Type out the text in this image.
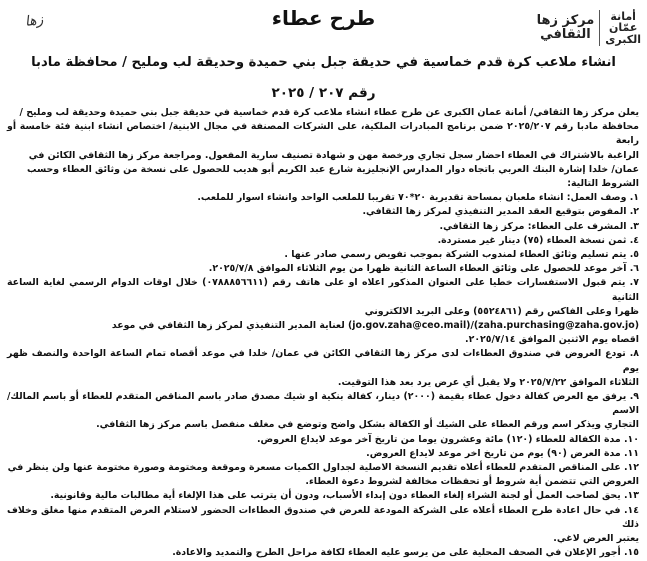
أمانة
عمّان
الكبرى
مركز زها
الثقافي
زها	طرح عطاء
انشاء ملاعب كرة قدم خماسية في حديقة جبل بني حميدة وحديقة لب ومليح / محافظة مادبا
رقم ٢٠٧ / ٢٠٢٥

يعلن مركز زها الثقافي/ أمانة عمان الكبرى عن طرح عطاء انشاء ملاعب كرة قدم خماسية في حديقة جبل بني حميدة وحديقة لب ومليح /

محافظة مادبا رقم ٢٠٢٥/٢٠٧ ضمن برنامج المبادرات الملكية، على الشركات المصنفة في مجال الابنية/ اختصاص انشاء ابنية فئة خامسة أو رابعة

الراغبة بالاشتراك في العطاء احضار سجل تجاري ورخصة مهن و شهادة تصنيف سارية المفعول. ومراجعة مركز زها الثقافي الكائن في

عمان/ خلدا إشارة البنك العربي باتجاه دوار المدارس الإنجليزية شارع عبد الكريم أبو هديب للحصول على نسخة من وثائق العطاء وحسب

الشروط التالية:

١. وصف العمل: انشاء ملعبان بمساحة تقديرية ٢٠*٧٠ تقريبا للملعب الواحد وانشاء اسوار للملعب.

٢. المفوض بتوقيع العقد المدير التنفيذي لمركز زها الثقافي.

٣. المشرف على العطاء: مركز زها الثقافي.

٤. ثمن نسخة العطاء (٧٥) دينار غير مستردة.

٥. يتم تسليم وثائق العطاء لمندوب الشركة بموجب تفويض رسمي صادر عنها .

٦. آخر موعد للحصول على وثائق العطاء الساعة الثانية ظهرا من يوم الثلاثاء الموافق ٢٠٢٥/٧/٨.

٧. يتم قبول الاستفسارات خطيا على العنوان المذكور اعلاه او على هاتف رقم (٠٧٨٨٨٥٦٦١١) خلال اوقات الدوام الرسمي لغاية الساعة الثانية

ظهرا وعلى الفاكس رقم (٥٥٢٤٨٦١) وعلى البريد الالكتروني

(zaha.purchasing@zaha.gov.jo)/(jo.gov.zaha@ceo.mail) لعناية المدير التنفيذي لمركز زها الثقافي في موعد

اقصاه يوم الاثنين الموافق ٢٠٢٥/٧/١٤.

٨. تودع العروض في صندوق العطاءات لدى مركز زها الثقافي الكائن في عمان/ خلدا في موعد أقصاه تمام الساعة الواحدة والنصف ظهر يوم

الثلاثاء الموافق ٢٠٢٥/٧/٢٢ ولا يقبل أي عرض يرد بعد هذا التوقيت.

٩. يرفق مع العرض كفالة دخول عطاء بقيمة (٢٠٠٠) دينار، كفالة بنكية او شيك مصدق صادر باسم المناقص المتقدم للعطاء أو باسم المالك/ الاسم

التجاري ويذكر اسم ورقم العطاء على الشيك أو الكفالة بشكل واضح وتوضع في مغلف منفصل باسم مركز زها الثقافي.

١٠. مدة الكفالة للعطاء (١٢٠) مائة وعشرون يوما من تاريخ آخر موعد لايداع العروض.

١١. مدة العرض (٩٠) يوم من تاريخ اخر موعد لايداع العروض.

١٢. على المناقص المتقدم للعطاء أعلاه تقديم النسخة الاصلية لجداول الكميات مسعرة وموقعة ومختومة وصورة مختومة عنها ولن ينظر في

العروض التي تتضمن أية شروط أو تحفظات مخالفة لشروط دعوة العطاء.

١٣. يحق لصاحب العمل أو لجنة الشراء إلغاء العطاء دون إبداء الأسباب، ودون أن يترتب على هذا الإلغاء أية مطالبات مالية وقانونية.

١٤. في حال اعادة طرح العطاء أعلاه على الشركة المودعة للعرض في صندوق العطاءات الحضور لاستلام العرض المتقدم منها مغلق وخلاف ذلك

يعتبر العرض لاغي.

١٥. أجور الإعلان في الصحف المحلية على من يرسو عليه العطاء لكافة مراحل الطرح والتمديد والاعادة.
